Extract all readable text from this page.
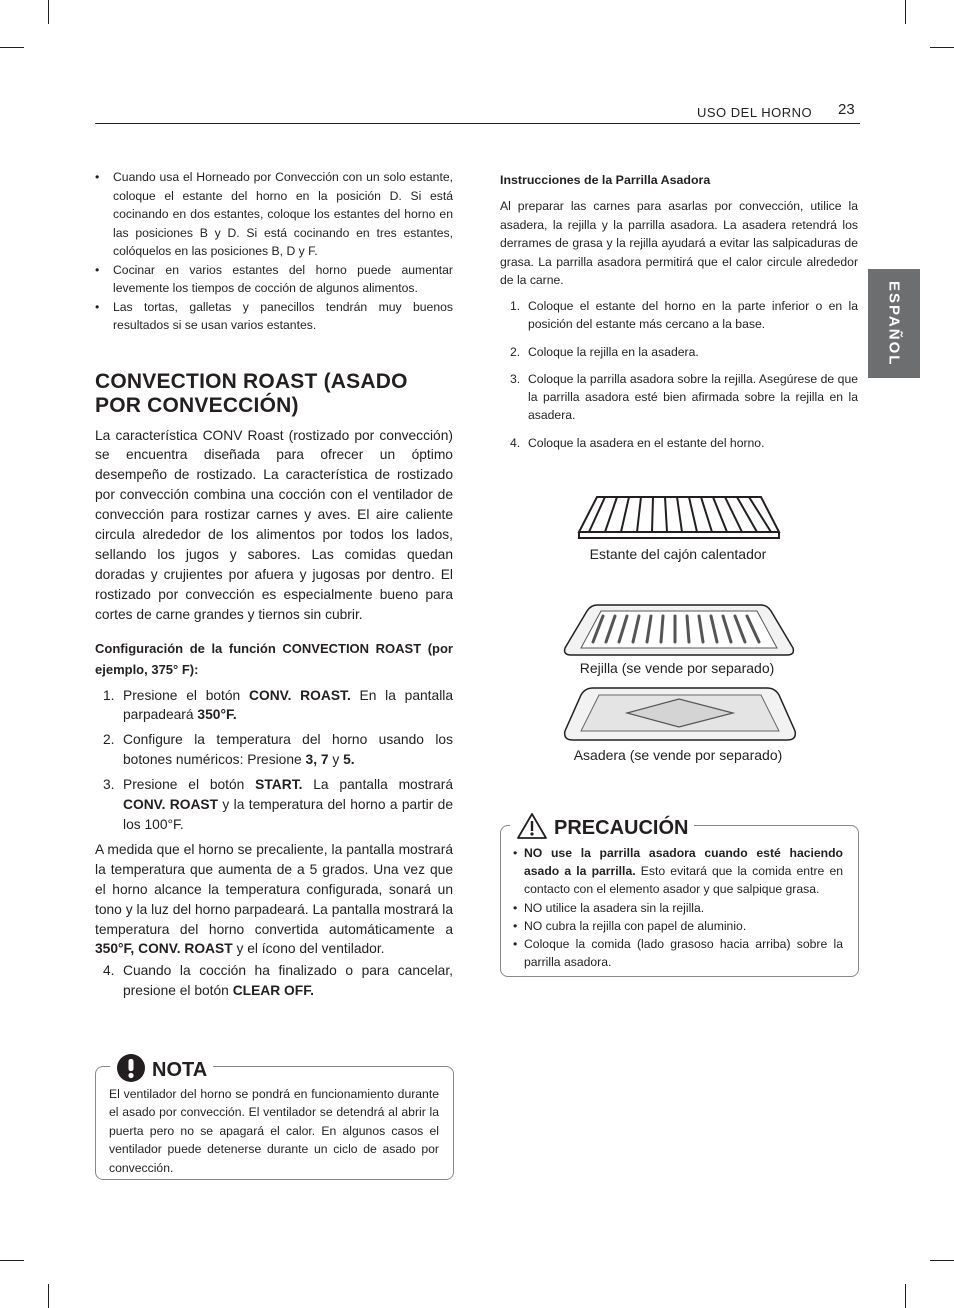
USO DEL HORNO 23
ESPAÑOL
• Cuando usa el Horneado por Convección con un solo estante, coloque el estante del horno en la posición D. Si está cocinando en dos estantes, coloque los estantes del horno en las posiciones B y D. Si está cocinando en tres estantes, colóquelos en las posiciones B, D y F.
• Cocinar en varios estantes del horno puede aumentar levemente los tiempos de cocción de algunos alimentos.
• Las tortas, galletas y panecillos tendrán muy buenos resultados si se usan varios estantes.
CONVECTION ROAST (ASADO POR CONVECCIÓN)

La característica CONV Roast (rostizado por convección) se encuentra diseñada para ofrecer un óptimo desempeño de rostizado. La característica de rostizado por convección combina una cocción con el ventilador de convección para rostizar carnes y aves. El aire caliente circula alrededor de los alimentos por todos los lados, sellando los jugos y sabores. Las comidas quedan doradas y crujientes por afuera y jugosas por dentro. El rostizado por convección es especialmente bueno para cortes de carne grandes y tiernos sin cubrir.

Configuración de la función CONVECTION ROAST (por ejemplo, 375° F):

1. Presione el botón CONV. ROAST. En la pantalla parpadeará 350°F.
2. Configure la temperatura del horno usando los botones numéricos: Presione 3, 7 y 5.
3. Presione el botón START. La pantalla mostrará CONV. ROAST y la temperatura del horno a partir de los 100°F.

A medida que el horno se precaliente, la pantalla mostrará la temperatura que aumenta de a 5 grados. Una vez que el horno alcance la temperatura configurada, sonará un tono y la luz del horno parpadeará. La pantalla mostrará la temperatura del horno convertida automáticamente a 350°F, CONV. ROAST y el ícono del ventilador.

4. Cuando la cocción ha finalizado o para cancelar, presione el botón CLEAR OFF.
NOTA
El ventilador del horno se pondrá en funcionamiento durante el asado por convección. El ventilador se detendrá al abrir la puerta pero no se apagará el calor. En algunos casos el ventilador puede detenerse durante un ciclo de asado por convección.

Instrucciones de la Parrilla Asadora

Al preparar las carnes para asarlas por convección, utilice la asadera, la rejilla y la parrilla asadora. La asadera retendrá los derrames de grasa y la rejilla ayudará a evitar las salpicaduras de grasa. La parrilla asadora permitirá que el calor circule alrededor de la carne.

1. Coloque el estante del horno en la parte inferior o en la posición del estante más cercano a la base.
2. Coloque la rejilla en la asadera.
3. Coloque la parrilla asadora sobre la rejilla. Asegúrese de que la parrilla asadora esté bien afirmada sobre la rejilla en la asadera.
4. Coloque la asadera en el estante del horno.
Estante del cajón calentador
Rejilla (se vende por separado)
Asadera (se vende por separado)
PRECAUCIÓN
• NO use la parrilla asadora cuando esté haciendo asado a la parrilla. Esto evitará que la comida entre en contacto con el elemento asador y que salpique grasa.
• NO utilice la asadera sin la rejilla.
• NO cubra la rejilla con papel de aluminio.
• Coloque la comida (lado grasoso hacia arriba) sobre la parrilla asadora.
